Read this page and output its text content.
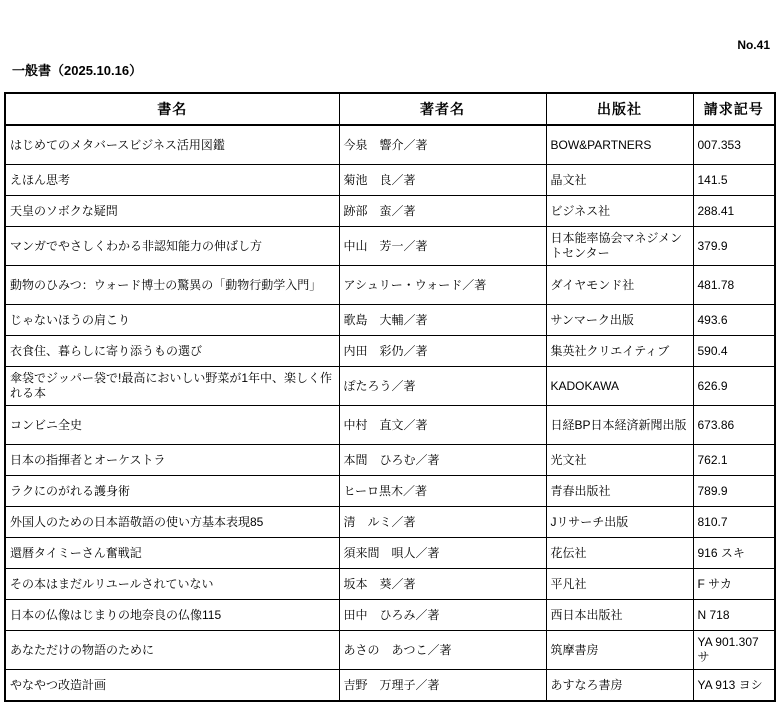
No.41
一般書（2025.10.16）
書名	著者名	出版社	請求記号

はじめてのメタバースビジネス活用図鑑	今泉　響介／著	BOW&PARTNERS	007.353

えほん思考	菊池　良／著	晶文社	141.5

天皇のソボクな疑問	跡部　蛮／著	ビジネス社	288.41

マンガでやさしくわかる非認知能力の伸ばし方	中山　芳一／著	日本能率協会マネジメントセンター	379.9

動物のひみつ：ウォード博士の驚異の「動物行動学入門」	アシュリー・ウォード／著	ダイヤモンド社	481.78

じゃないほうの肩こり	歌島　大輔／著	サンマーク出版	493.6

衣食住、暮らしに寄り添うもの選び	内田　彩仍／著	集英社クリエイティブ	590.4

傘袋でジッパー袋で!最高においしい野菜が1年中、楽しく作れる本	ぽたろう／著	KADOKAWA	626.9

コンビニ全史	中村　直文／著	日経BP日本経済新聞出版	673.86

日本の指揮者とオーケストラ	本間　ひろむ／著	光文社	762.1

ラクにのがれる護身術	ヒーロ黒木／著	青春出版社	789.9

外国人のための日本語敬語の使い方基本表現85	清　ルミ／著	Jリサーチ出版	810.7

還暦タイミーさん奮戦記	須来間　唄人／著	花伝社	916 スキ

その本はまだルリユールされていない	坂本　葵／著	平凡社	F サカ

日本の仏像はじまりの地奈良の仏像115	田中　ひろみ／著	西日本出版社	N 718

あなただけの物語のために	あさの　あつこ／著	筑摩書房	YA 901.307 サ

やなやつ改造計画	吉野　万理子／著	あすなろ書房	YA 913 ヨシ
